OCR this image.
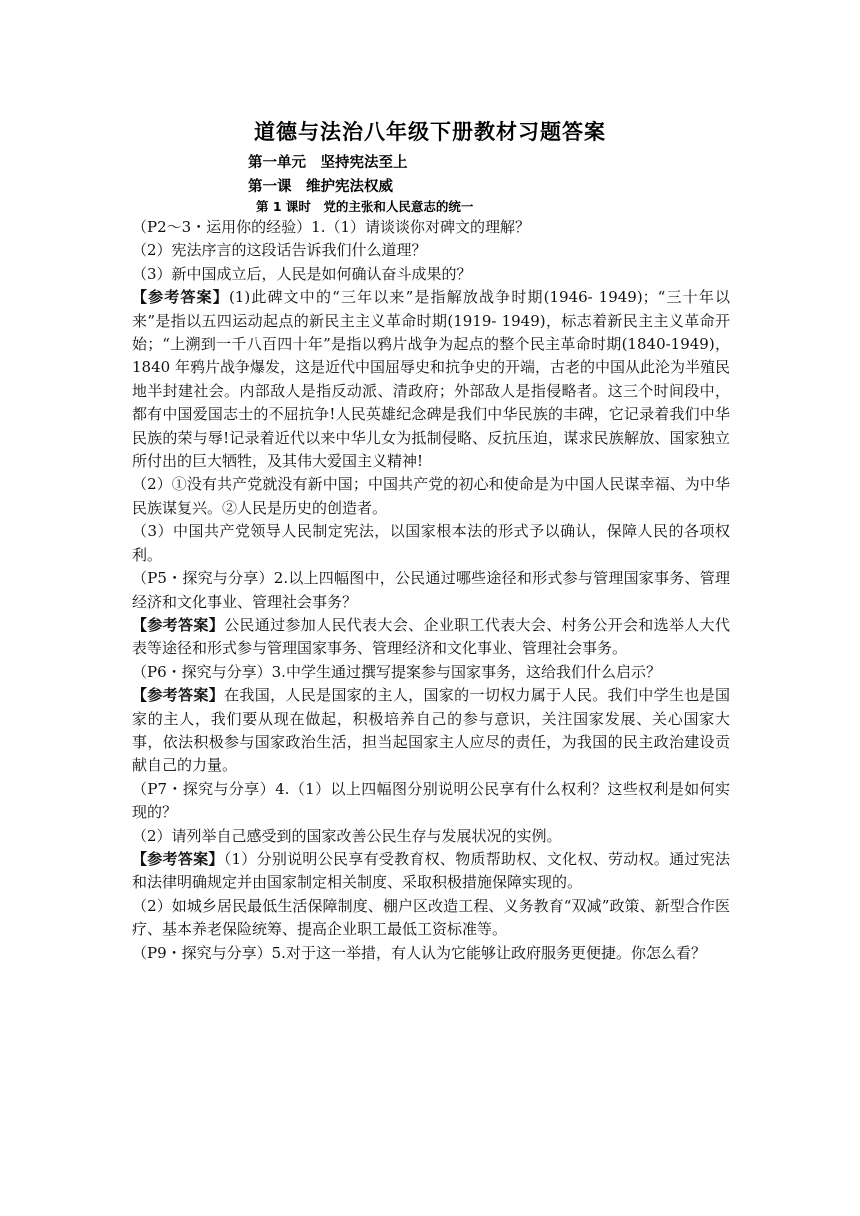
道德与法治八年级下册教材习题答案
第一单元　坚持宪法至上
第一课　维护宪法权威
第 1 课时　党的主张和人民意志的统一

（P2～3・运用你的经验）1.（1）请谈谈你对碑文的理解？

（2）宪法序言的这段话告诉我们什么道理？

（3）新中国成立后，人民是如何确认奋斗成果的？

【参考答案】(1)此碑文中的“三年以来”是指解放战争时期(1946- 1949)；“三十年以来”是指以五四运动起点的新民主主义革命时期(1919- 1949)，标志着新民主主义革命开始；“上溯到一千八百四十年”是指以鸦片战争为起点的整个民主革命时期(1840-1949)，1840 年鸦片战争爆发，这是近代中国屈辱史和抗争史的开端，古老的中国从此沦为半殖民地半封建社会。内部敌人是指反动派、清政府；外部敌人是指侵略者。这三个时间段中，都有中国爱国志士的不屈抗争!人民英雄纪念碑是我们中华民族的丰碑，它记录着我们中华民族的荣与辱!记录着近代以来中华儿女为抵制侵略、反抗压迫，谋求民族解放、国家独立所付出的巨大牺牲，及其伟大爱国主义精神!

（2）①没有共产党就没有新中国；中国共产党的初心和使命是为中国人民谋幸福、为中华民族谋复兴。②人民是历史的创造者。

（3）中国共产党领导人民制定宪法，以国家根本法的形式予以确认，保障人民的各项权利。

（P5・探究与分享）2.以上四幅图中，公民通过哪些途径和形式参与管理国家事务、管理经济和文化事业、管理社会事务？

【参考答案】公民通过参加人民代表大会、企业职工代表大会、村务公开会和选举人大代表等途径和形式参与管理国家事务、管理经济和文化事业、管理社会事务。

（P6・探究与分享）3.中学生通过撰写提案参与国家事务，这给我们什么启示？

【参考答案】在我国，人民是国家的主人，国家的一切权力属于人民。我们中学生也是国家的主人，我们要从现在做起，积极培养自己的参与意识，关注国家发展、关心国家大事，依法积极参与国家政治生活，担当起国家主人应尽的责任，为我国的民主政治建设贡献自己的力量。

（P7・探究与分享）4.（1）以上四幅图分别说明公民享有什么权利？这些权利是如何实现的？

（2）请列举自己感受到的国家改善公民生存与发展状况的实例。

【参考答案】（1）分别说明公民享有受教育权、物质帮助权、文化权、劳动权。通过宪法和法律明确规定并由国家制定相关制度、采取积极措施保障实现的。

（2）如城乡居民最低生活保障制度、棚户区改造工程、义务教育“双减”政策、新型合作医疗、基本养老保险统筹、提高企业职工最低工资标准等。

（P9・探究与分享）5.对于这一举措，有人认为它能够让政府服务更便捷。你怎么看？
